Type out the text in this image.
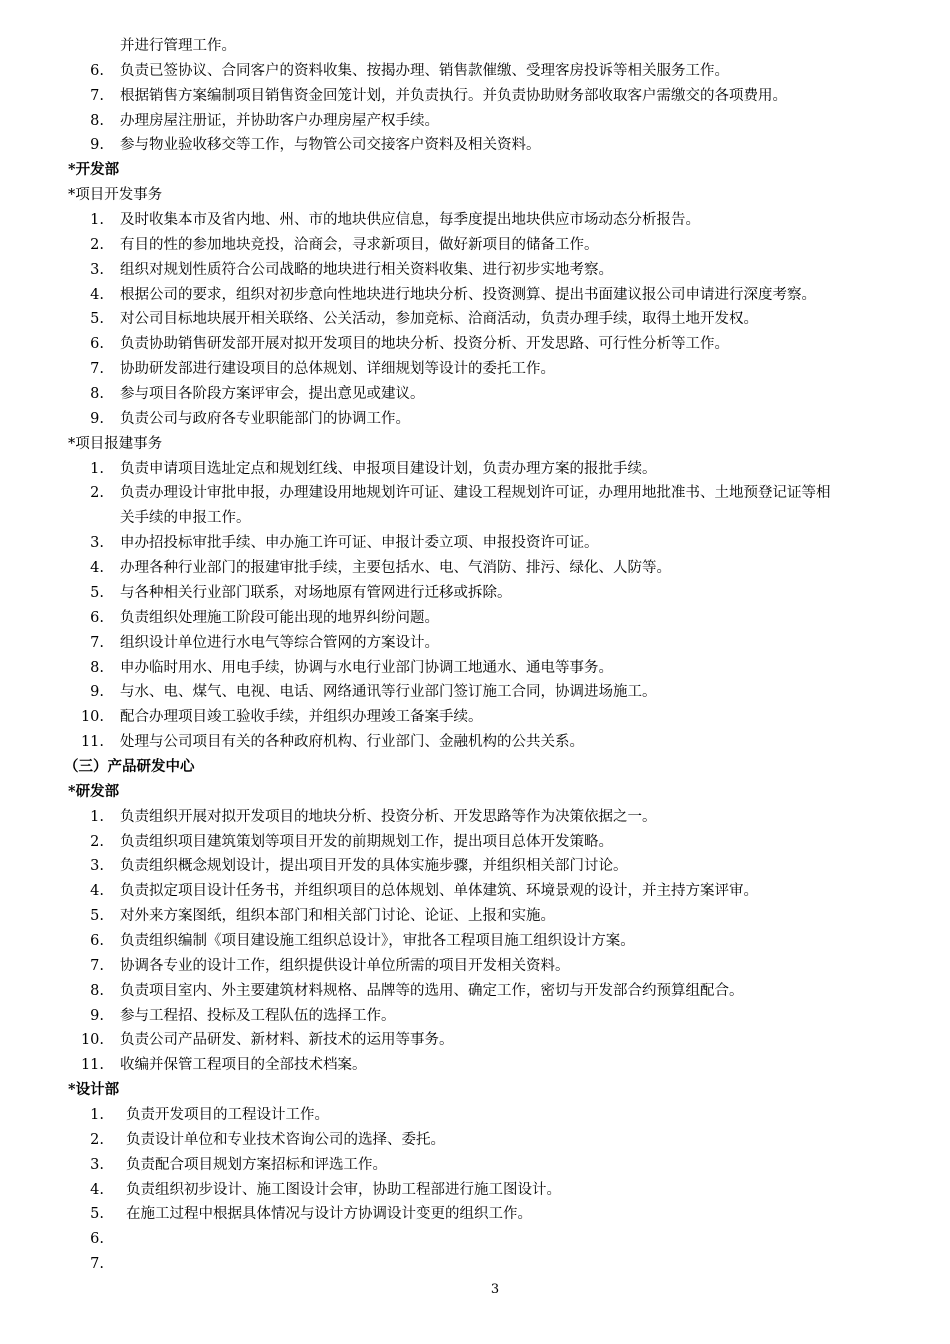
并进行管理工作。
6. 负责已签协议、合同客户的资料收集、按揭办理、销售款催缴、受理客房投诉等相关服务工作。
7. 根据销售方案编制项目销售资金回笼计划，并负责执行。并负责协助财务部收取客户需缴交的各项费用。
8. 办理房屋注册证，并协助客户办理房屋产权手续。
9. 参与物业验收移交等工作，与物管公司交接客户资料及相关资料。
*开发部
*项目开发事务
1. 及时收集本市及省内地、州、市的地块供应信息，每季度提出地块供应市场动态分析报告。
2. 有目的性的参加地块竞投，洽商会，寻求新项目，做好新项目的储备工作。
3. 组织对规划性质符合公司战略的地块进行相关资料收集、进行初步实地考察。
4. 根据公司的要求，组织对初步意向性地块进行地块分析、投资测算、提出书面建议报公司申请进行深度考察。
5. 对公司目标地块展开相关联络、公关活动，参加竞标、洽商活动，负责办理手续，取得土地开发权。
6. 负责协助销售研发部开展对拟开发项目的地块分析、投资分析、开发思路、可行性分析等工作。
7. 协助研发部进行建设项目的总体规划、详细规划等设计的委托工作。
8. 参与项目各阶段方案评审会，提出意见或建议。
9. 负责公司与政府各专业职能部门的协调工作。
*项目报建事务
1. 负责申请项目选址定点和规划红线、申报项目建设计划，负责办理方案的报批手续。
2. 负责办理设计审批申报，办理建设用地规划许可证、建设工程规划许可证，办理用地批准书、土地预登记证等相
关手续的申报工作。
3. 申办招投标审批手续、申办施工许可证、申报计委立项、申报投资许可证。
4. 办理各种行业部门的报建审批手续，主要包括水、电、气消防、排污、绿化、人防等。
5. 与各种相关行业部门联系，对场地原有管网进行迁移或拆除。
6. 负责组织处理施工阶段可能出现的地界纠纷问题。
7. 组织设计单位进行水电气等综合管网的方案设计。
8. 申办临时用水、用电手续，协调与水电行业部门协调工地通水、通电等事务。
9. 与水、电、煤气、电视、电话、网络通讯等行业部门签订施工合同，协调进场施工。
10. 配合办理项目竣工验收手续，并组织办理竣工备案手续。
11. 处理与公司项目有关的各种政府机构、行业部门、金融机构的公共关系。
（三）产品研发中心
*研发部
1. 负责组织开展对拟开发项目的地块分析、投资分析、开发思路等作为决策依据之一。
2. 负责组织项目建筑策划等项目开发的前期规划工作，提出项目总体开发策略。
3. 负责组织概念规划设计，提出项目开发的具体实施步骤，并组织相关部门讨论。
4. 负责拟定项目设计任务书，并组织项目的总体规划、单体建筑、环境景观的设计，并主持方案评审。
5. 对外来方案图纸，组织本部门和相关部门讨论、论证、上报和实施。
6. 负责组织编制《项目建设施工组织总设计》，审批各工程项目施工组织设计方案。
7. 协调各专业的设计工作，组织提供设计单位所需的项目开发相关资料。
8. 负责项目室内、外主要建筑材料规格、品牌等的选用、确定工作，密切与开发部合约预算组配合。
9. 参与工程招、投标及工程队伍的选择工作。
10. 负责公司产品研发、新材料、新技术的运用等事务。
11. 收编并保管工程项目的全部技术档案。
*设计部
1. 负责开发项目的工程设计工作。
2. 负责设计单位和专业技术咨询公司的选择、委托。
3. 负责配合项目规划方案招标和评选工作。
4. 负责组织初步设计、施工图设计会审，协助工程部进行施工图设计。
5. 在施工过程中根据具体情况与设计方协调设计变更的组织工作。
6.
7.
3
